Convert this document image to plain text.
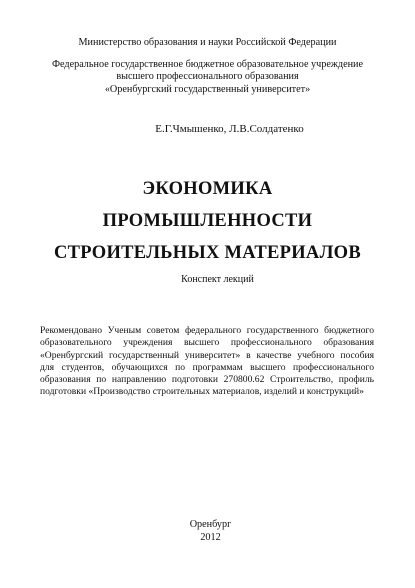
Министерство образования и науки Российской Федерации
Федеральное государственное бюджетное образовательное учреждение
высшего профессионального образования
«Оренбургский государственный университет»
Е.Г.Чмышенко, Л.В.Солдатенко
ЭКОНОМИКА
ПРОМЫШЛЕННОСТИ
СТРОИТЕЛЬНЫХ МАТЕРИАЛОВ
Конспект лекций
Рекомендовано Ученым советом федерального государственного бюджетного
образовательного учреждения высшего профессионального образования
«Оренбургский государственный университет» в качестве учебного пособия
для студентов, обучающихся по программам высшего профессионального
образования по направлению подготовки 270800.62 Строительство, профиль
подготовки «Производство строительных материалов, изделий и конструкций»
Оренбург
2012
